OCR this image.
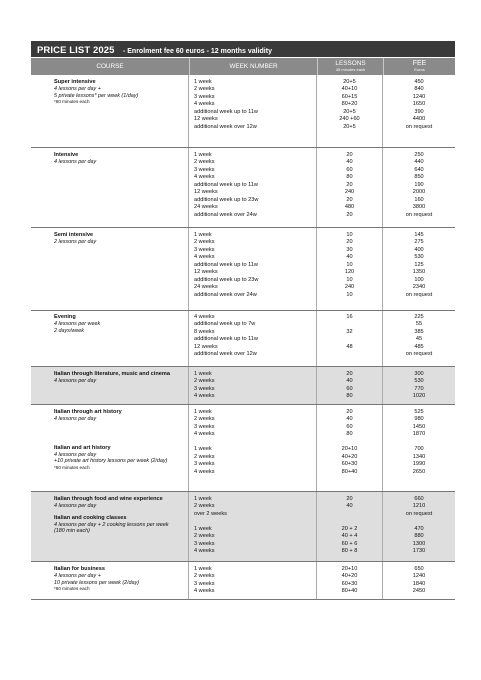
PRICE LIST 2025 - Enrolment fee 60 euros - 12 months validity
COURSE	WEEK NUMBER	LESSONS
45 minutes each
FEE
Euros
Super intensive
4 lessons per day +
5 private lessons* per week (1/day)
*60 minutes each
1 week
2 weeks
3 weeks
4 weeks
additional week up to 11w
12 weeks
additional week over 12w
20+5
40+10
60+15
80+20
20+5
240 +60
20+5
450
840
1240
1650
390
4400
on request
Intensive
4 lessons per day
1 week
2 weeks
3 weeks
4 weeks
additional week up to 11w
12 weeks
additional week up to 23w
24 weeks
additional week over 24w
20
40
60
80
20
240
20
480
20
250
440
640
850
190
2000
160
3800
on request
Semi intensive
2 lessons per day
1 week
2 weeks
3 weeks
4 weeks
additional week up to 11w
12 weeks
additional week up to 23w
24 weeks
additional week over 24w
10
20
30
40
10
120
10
240
10
145
275
400
530
125
1350
100
2340
on request
Evening
4 lessons per week
2 days/week
4 weeks
additional week up to 7w
8 weeks
additional week up to 11w
12 weeks
additional week over 12w
16
32
48
225
55
385
45
485
on request
Italian through literature, music and cinema
4 lessons per day
1 week
2 weeks
3 weeks
4 weeks
20
40
60
80
300
530
770
1020
Italian through art history
4 lessons per day
Italian and art history
4 lessons per day
+10 private art history lessons per week (2/day)
*60 minutes each
1 week
2 weeks
3 weeks
4 weeks
1 week
2 weeks
3 weeks
4 weeks
20
40
60
80
20+10
40+20
60+30
80+40
525
980
1450
1870
700
1340
1990
2650
Italian through food and wine experience
4 lessons per day
Italian and cooking classes
4 lessons per day + 2 cooking lessons per week
(180 min each)
1 week
2 weeks
over 2 weeks
1 week
2 weeks
3 weeks
4 weeks
20
40
20 + 2
40 + 4
60 + 6
80 + 8
660
1210
on request
470
880
1300
1730
Italian for business
4 lessons per day +
10 private lessons per week (2/day)
*60 minutes each
1 week
2 weeks
3 weeks
4 weeks
20+10
40+20
60+30
80+40
650
1240
1840
2450
